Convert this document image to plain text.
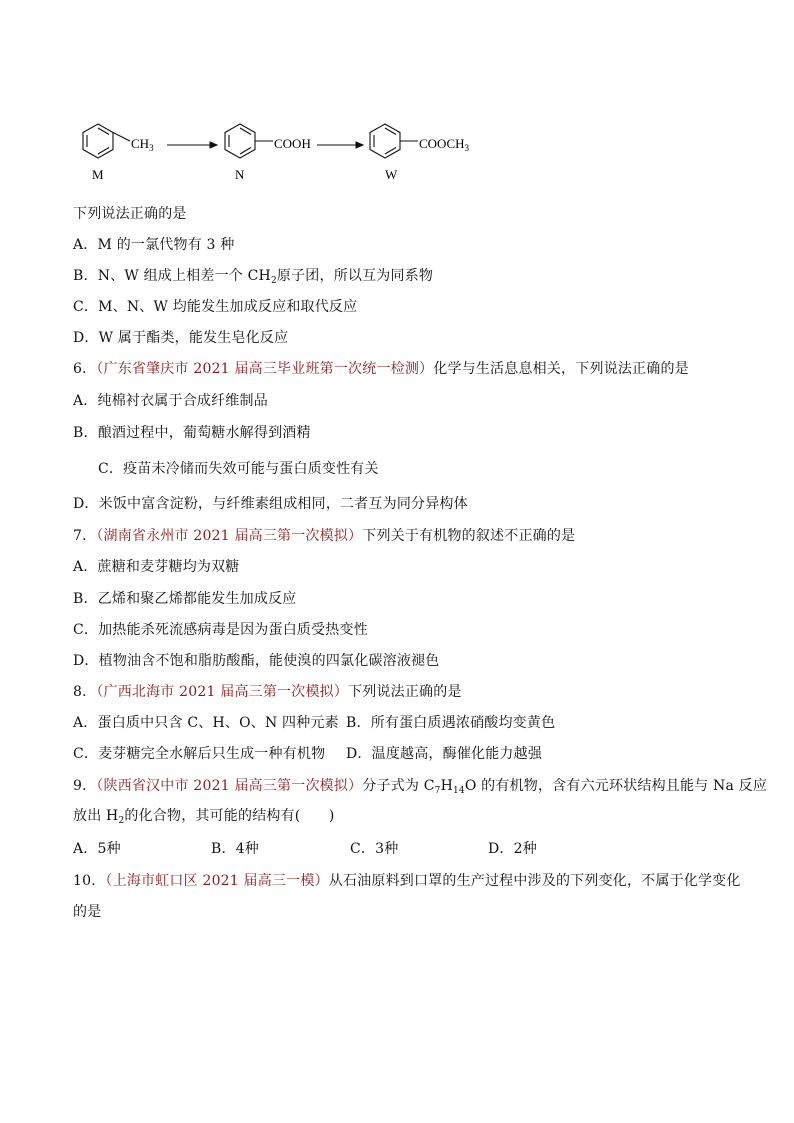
$CH_3$
M
COOH
N
$COOCH_3$
W
下列说法正确的是
A．M 的一氯代物有 3 种
B．N、W 组成上相差一个 $CH_2$原子团，所以互为同系物
C．M、N、W 均能发生加成反应和取代反应
D．W 属于酯类，能发生皂化反应
6．（广东省肇庆市 2021 届高三毕业班第一次统一检测）化学与生活息息相关，下列说法正确的是
A．纯棉衬衣属于合成纤维制品
B．酿酒过程中，葡萄糖水解得到酒精
C．疫苗未冷储而失效可能与蛋白质变性有关
D．米饭中富含淀粉，与纤维素组成相同，二者互为同分异构体
7．（湖南省永州市 2021 届高三第一次模拟）下列关于有机物的叙述不正确的是
A．蔗糖和麦芽糖均为双糖
B．乙烯和聚乙烯都能发生加成反应
C．加热能杀死流感病毒是因为蛋白质受热变性
D．植物油含不饱和脂肪酸酯，能使溴的四氯化碳溶液褪色
8．（广西北海市 2021 届高三第一次模拟）下列说法正确的是
A．蛋白质中只含 C、H、O、N 四种元素 B．所有蛋白质遇浓硝酸均变黄色
C．麦芽糖完全水解后只生成一种有机物 D．温度越高，酶催化能力越强
9．（陕西省汉中市 2021 届高三第一次模拟）分子式为 $C_7H_{14}O$ 的有机物，含有六元环状结构且能与 Na 反应
放出 $H_2$的化合物，其可能的结构有(　　)
A．5种	B．4种	C．3种	D．2种
10．（上海市虹口区 2021 届高三一模）从石油原料到口罩的生产过程中涉及的下列变化，不属于化学变化
的是
